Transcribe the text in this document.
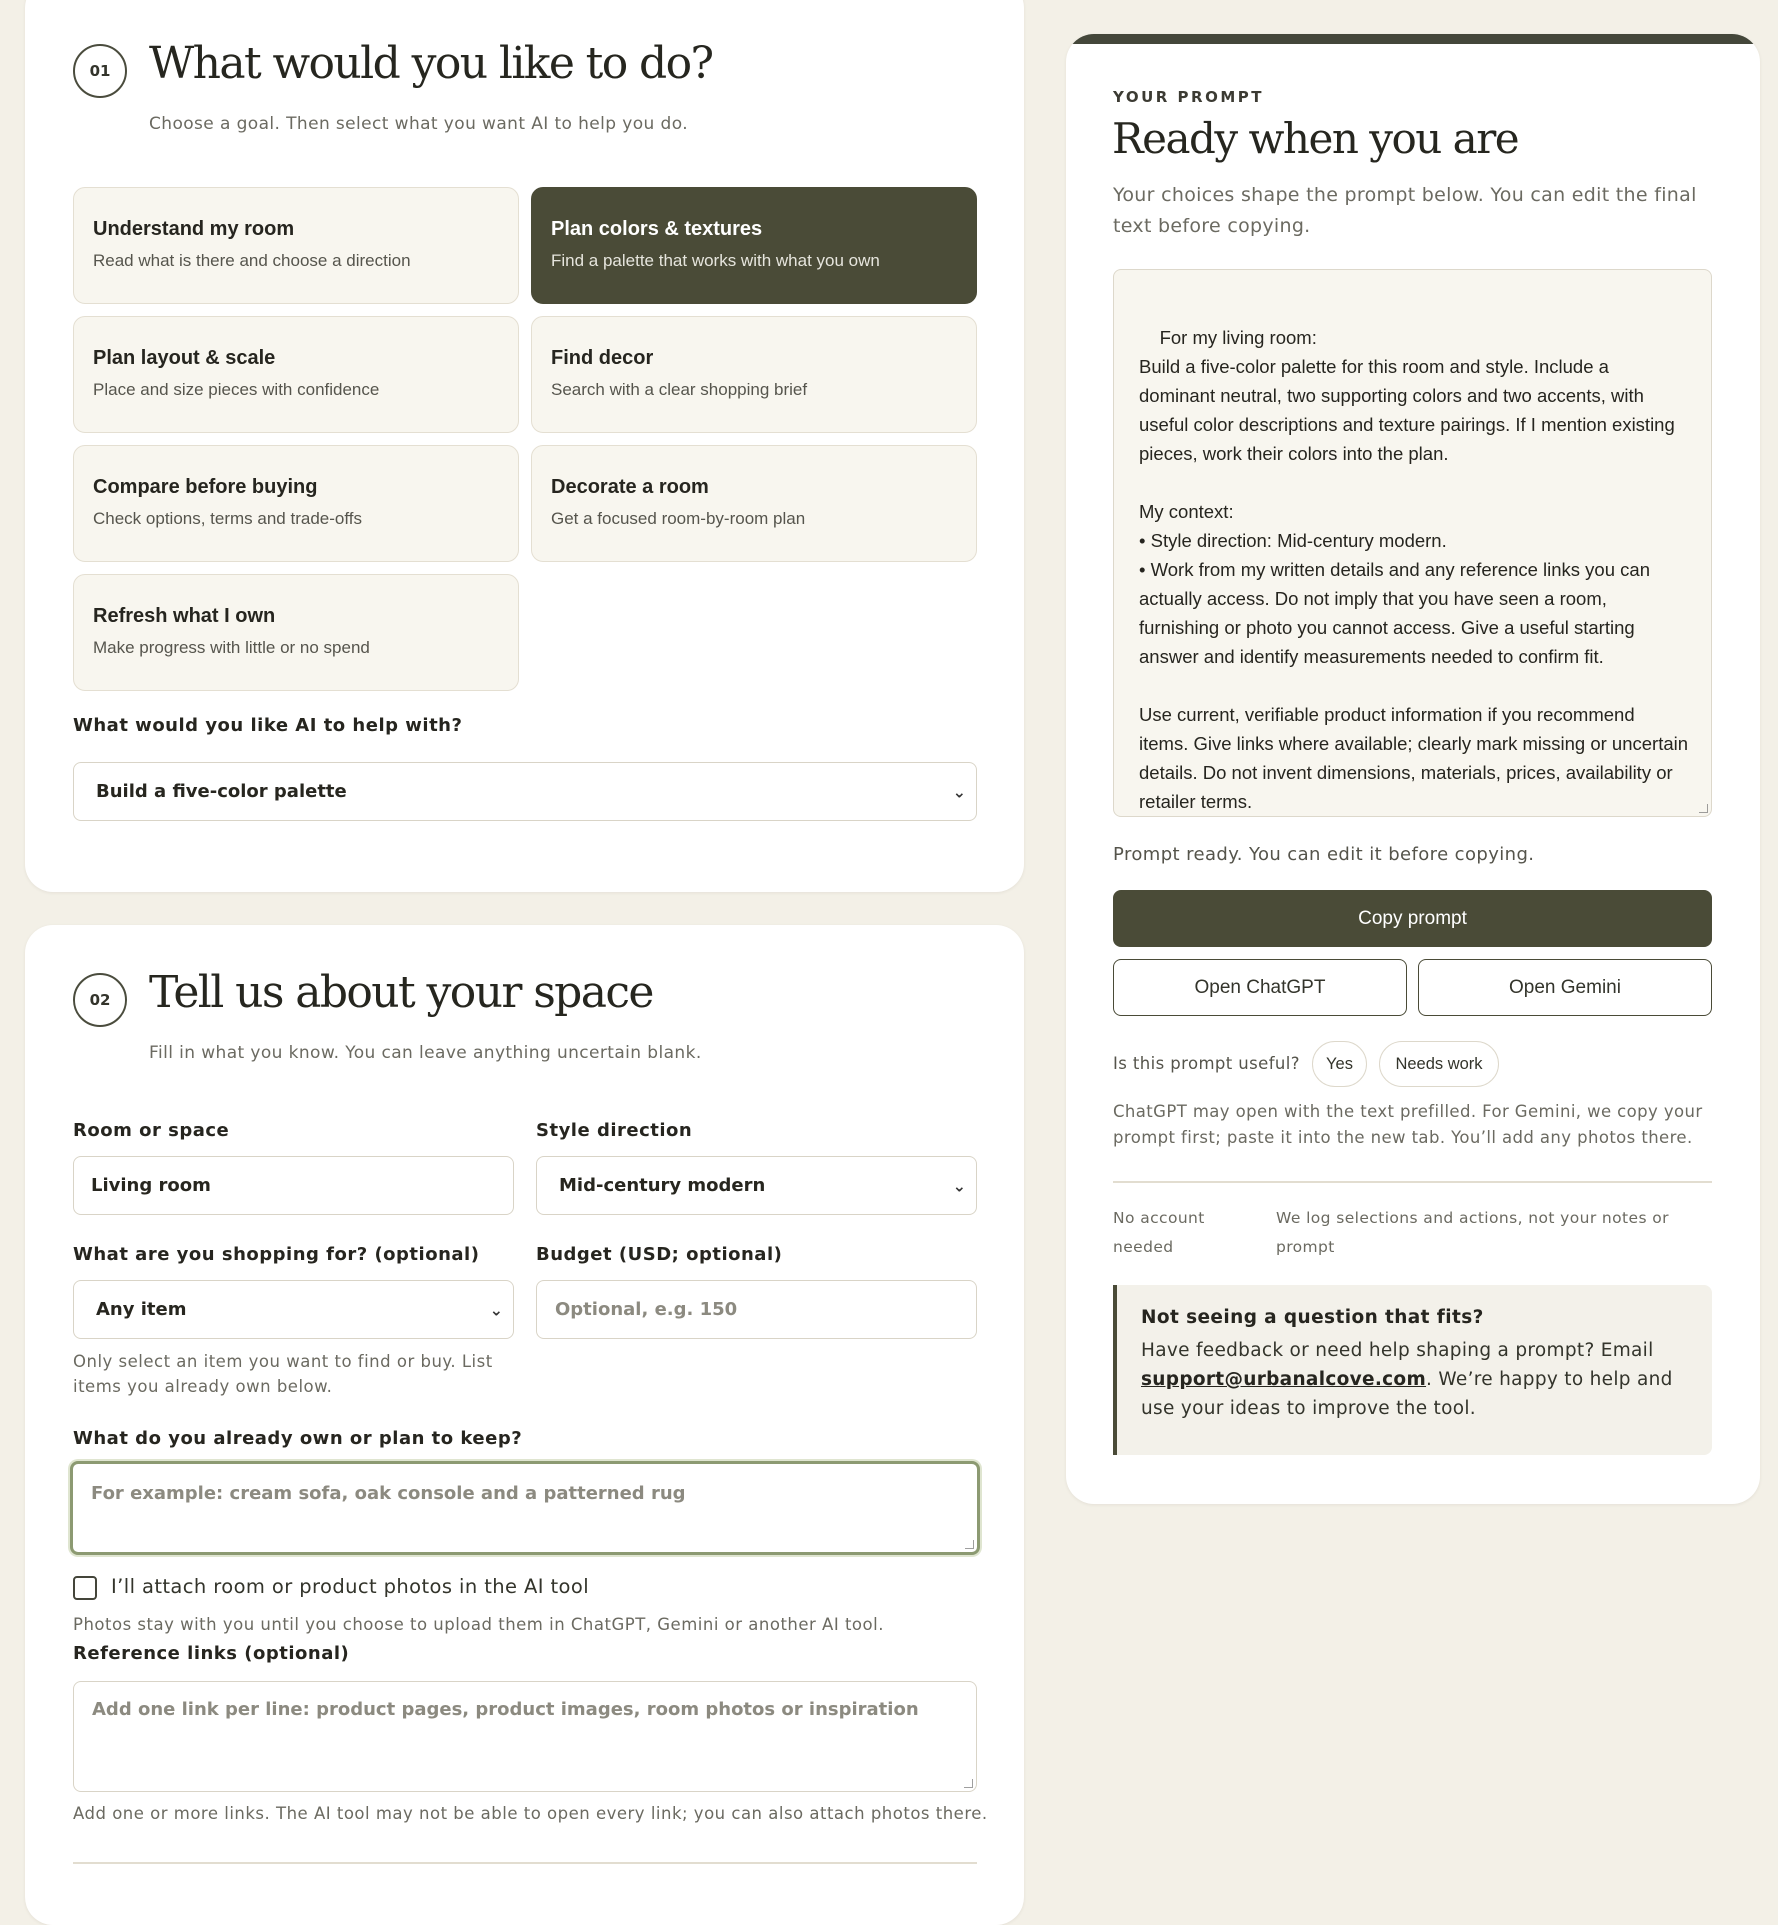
01 What would you like to do?
Choose a goal. Then select what you want AI to help you do.
Understand my room
Read what is there and choose a direction
Plan colors & textures
Find a palette that works with what you own
Plan layout & scale
Place and size pieces with confidence
Find decor
Search with a clear shopping brief
Compare before buying
Check options, terms and trade-offs
Decorate a room
Get a focused room-by-room plan
Refresh what I own
Make progress with little or no spend
What would you like AI to help with?
Build a five-color palette	⌄
02 Tell us about your space
Fill in what you know. You can leave anything uncertain blank.
Room or space
Living room
Style direction
Mid-century modern	⌄
What are you shopping for? (optional)
Any item	⌄
Only select an item you want to find or buy. List items you already own below.
Budget (USD; optional)
Optional, e.g. 150
What do you already own or plan to keep?
For example: cream sofa, oak console and a patterned rug
I’ll attach room or product photos in the AI tool
Photos stay with you until you choose to upload them in ChatGPT, Gemini or another AI tool.
Reference links (optional)
Add one link per line: product pages, product images, room photos or inspiration
Add one or more links. The AI tool may not be able to open every link; you can also attach photos there.
YOUR PROMPT
Ready when you are
Your choices shape the prompt below. You can edit the final text before copying.

For my living room:
Build a five-color palette for this room and style. Include a dominant neutral, two supporting colors and two accents, with useful color descriptions and texture pairings. If I mention existing pieces, work their colors into the plan.

My context:
• Style direction: Mid-century modern.
• Work from my written details and any reference links you can actually access. Do not imply that you have seen a room, furnishing or photo you cannot access. Give a useful starting answer and identify measurements needed to confirm fit.

Use current, verifiable product information if you recommend items. Give links where available; clearly mark missing or uncertain details. Do not invent dimensions, materials, prices, availability or retailer terms.

Prompt ready. You can edit it before copying.
Copy prompt
Open ChatGPT	Open Gemini
Is this prompt useful?	Yes	Needs work
ChatGPT may open with the text prefilled. For Gemini, we copy your prompt first; paste it into the new tab. You’ll add any photos there.
No account needed
We log selections and actions, not your notes or prompt
Not seeing a question that fits?
Have feedback or need help shaping a prompt? Email support@urbanalcove.com. We’re happy to help and use your ideas to improve the tool.
